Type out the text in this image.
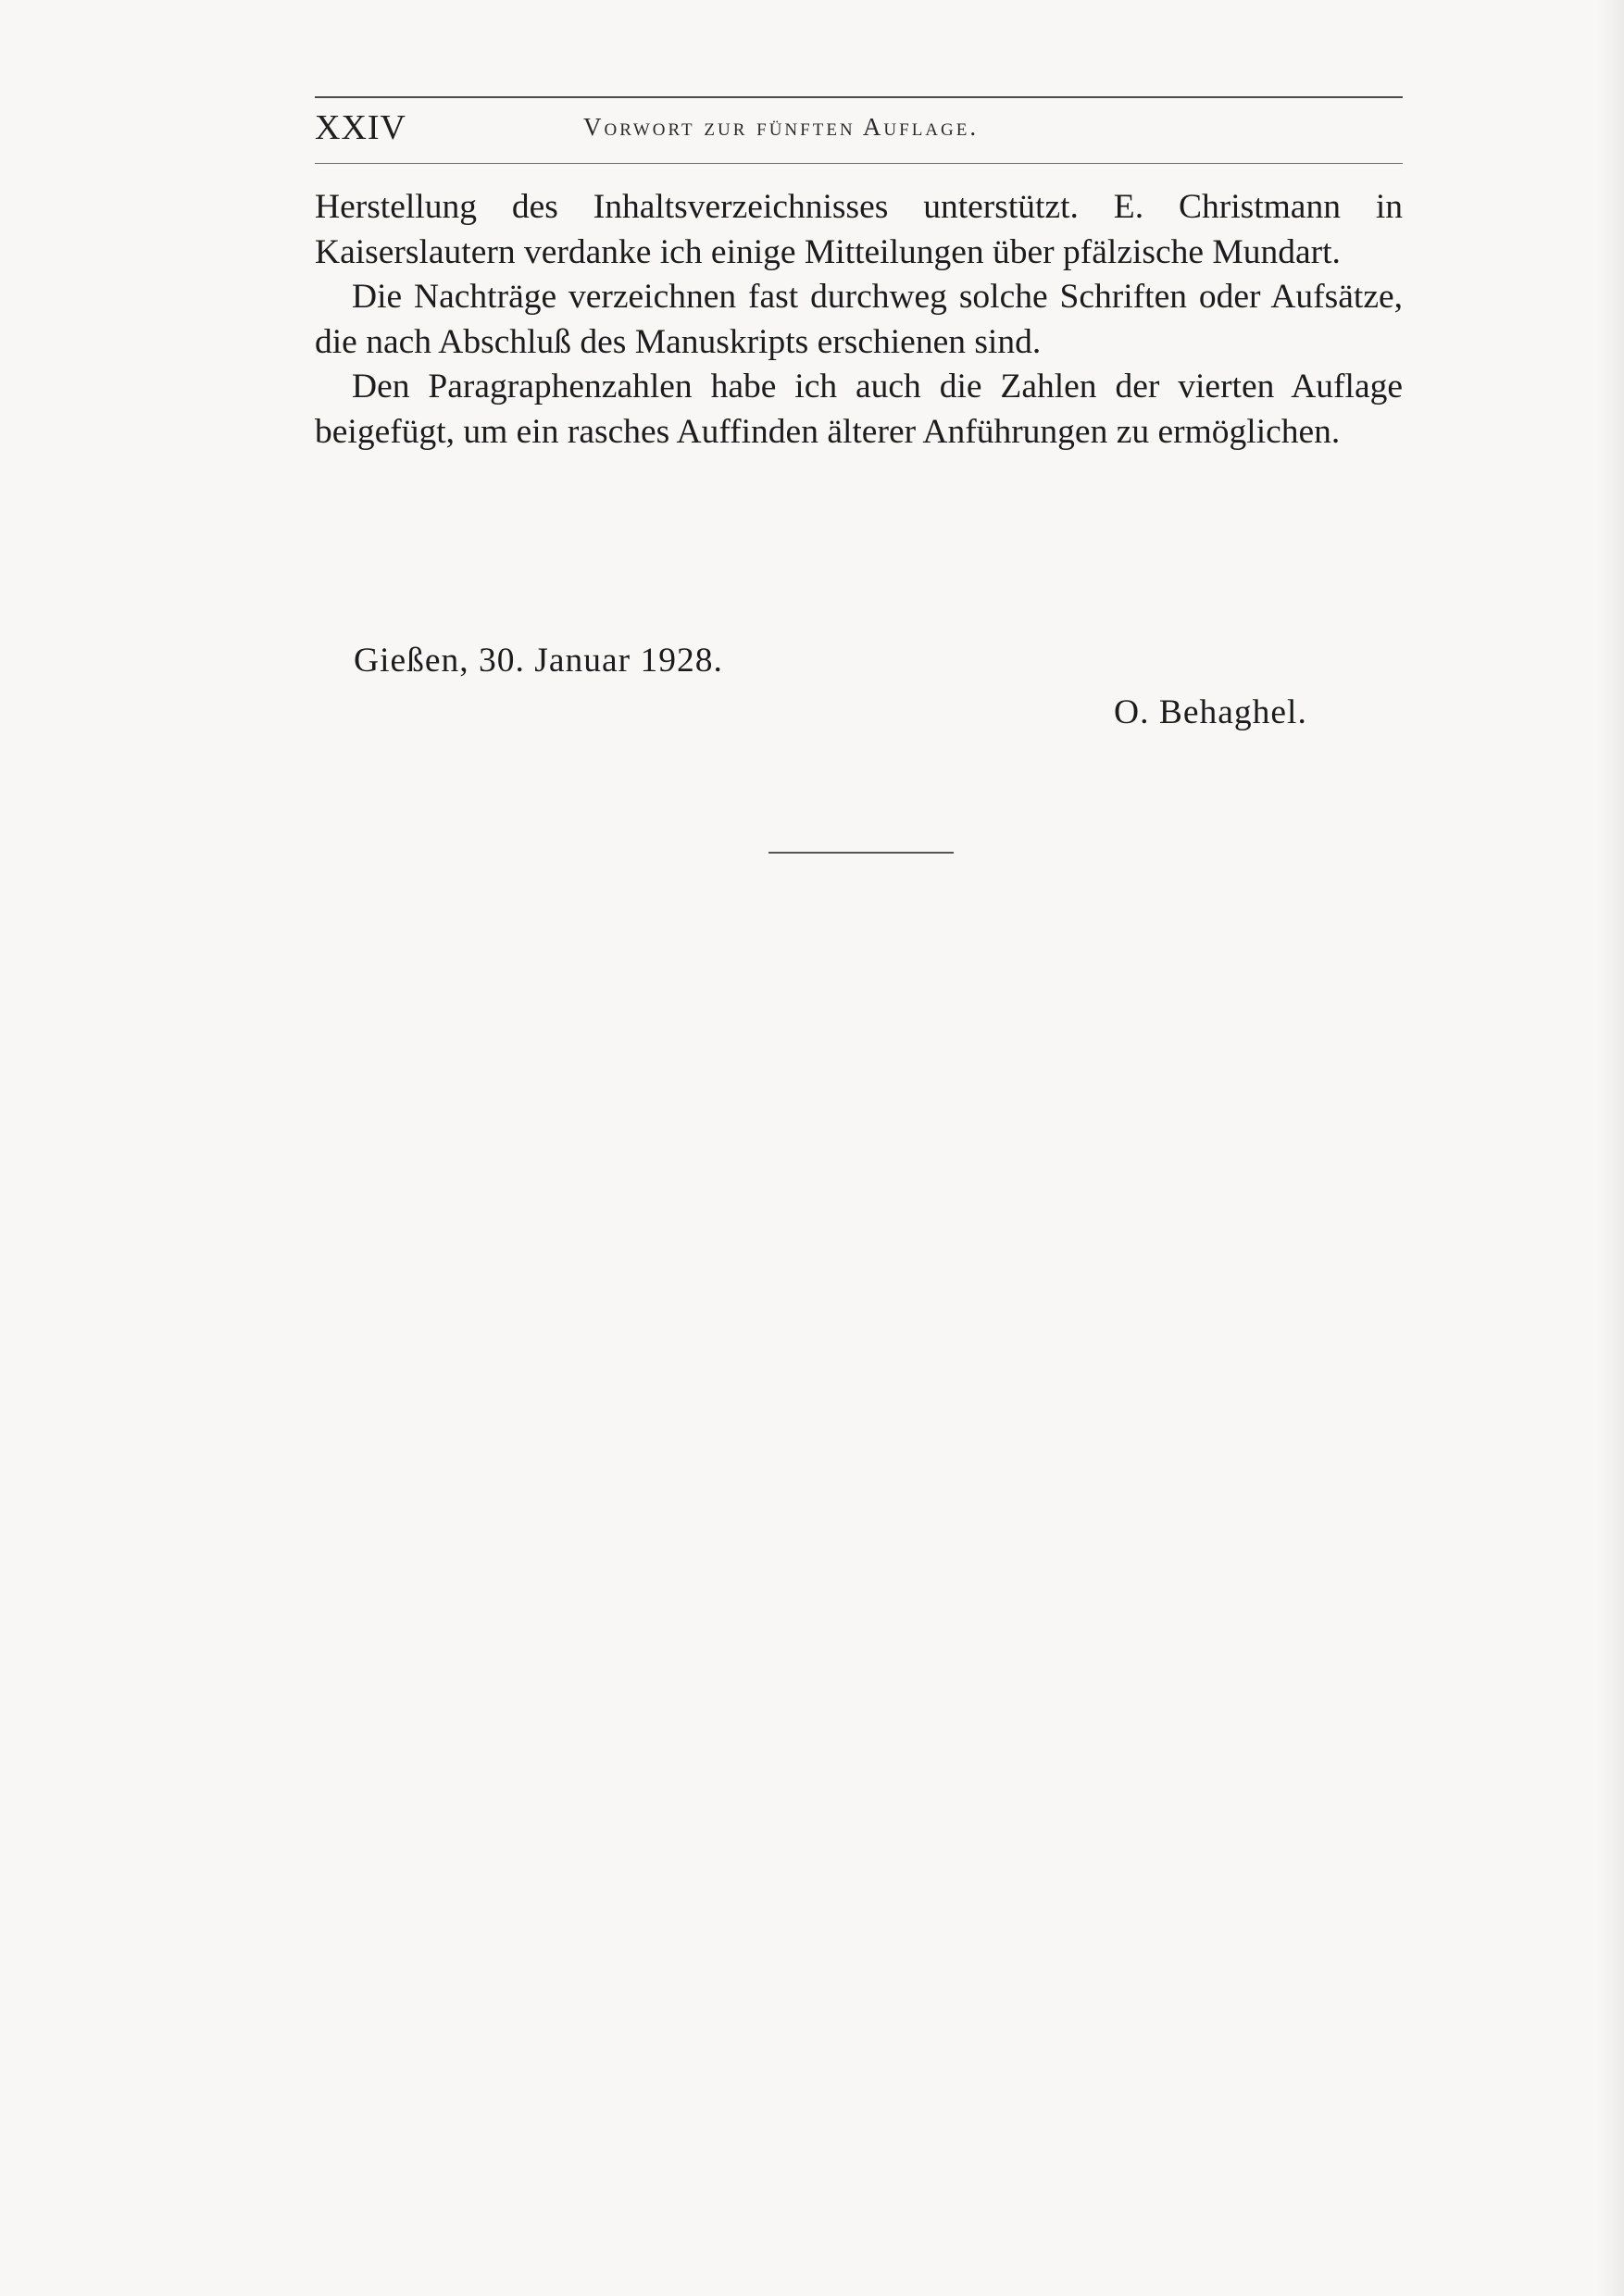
XXIV	Vorwort zur fünften Auflage.

Herstellung des Inhaltsverzeichnisses unterstützt. E. Christmann in Kaiserslautern verdanke ich einige Mitteilungen über pfälzische Mundart.

Die Nachträge verzeichnen fast durchweg solche Schriften oder Aufsätze, die nach Abschluß des Manuskripts erschienen sind.

Den Paragraphenzahlen habe ich auch die Zahlen der vierten Auflage beigefügt, um ein rasches Auffinden älterer Anführungen zu ermöglichen.

Gießen, 30. Januar 1928.
O. Behaghel.
